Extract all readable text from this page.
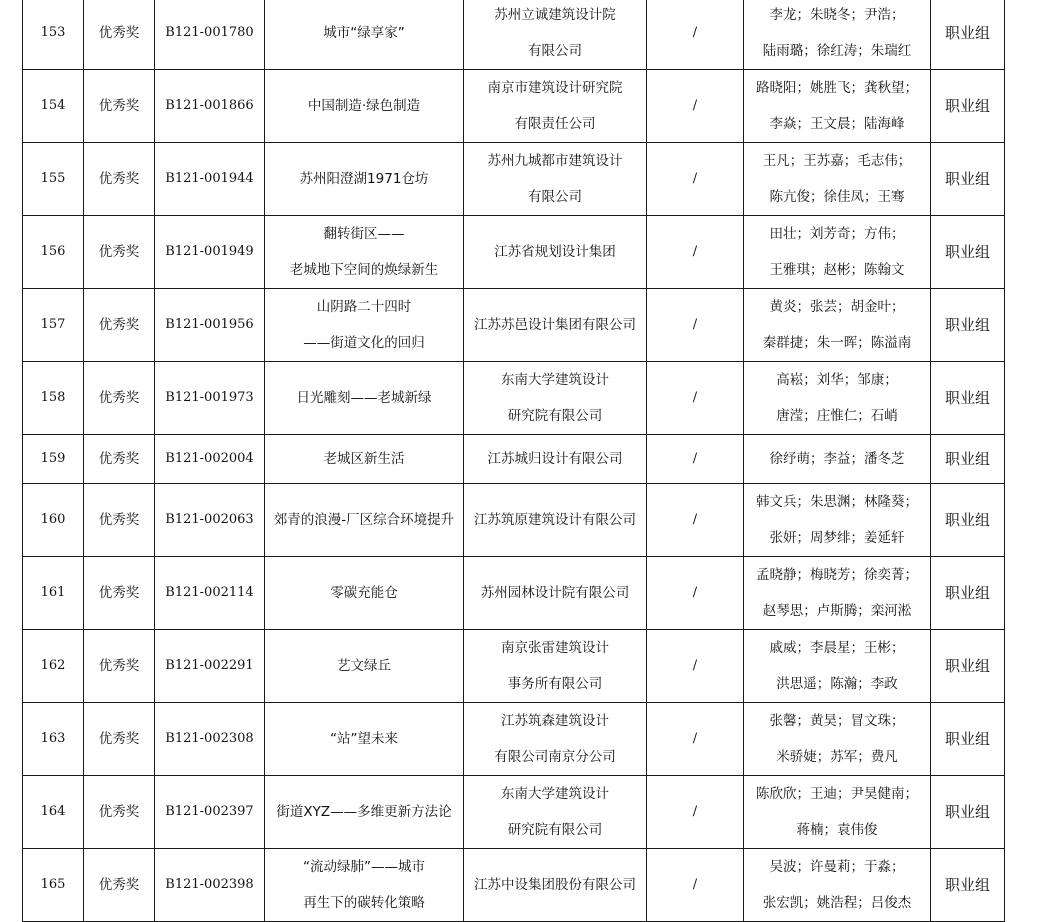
153	优秀奖	B121-001780	城市“绿享家”	苏州立诚建筑设计院
有限公司	/	李龙；朱晓冬；尹浩；
陆雨璐；徐红涛；朱瑞红	职业组
154	优秀奖	B121-001866	中国制造·绿色制造	南京市建筑设计研究院
有限责任公司	/	路晓阳；姚胜飞；龚秋望；
李焱；王文晨；陆海峰	职业组
155	优秀奖	B121-001944	苏州阳澄湖1971仓坊	苏州九城都市建筑设计
有限公司	/	王凡；王苏嘉；毛志伟；
陈亢俊；徐佳凤；王骞	职业组
156	优秀奖	B121-001949	翻转街区——
老城地下空间的焕绿新生	江苏省规划设计集团	/	田壮；刘芳奇；方伟；
王雅琪；赵彬；陈翰文	职业组
157	优秀奖	B121-001956	山阴路二十四时
——街道文化的回归	江苏苏邑设计集团有限公司	/	黄炎；张芸；胡金叶；
秦群捷；朱一晖；陈溢南	职业组
158	优秀奖	B121-001973	日光雕刻——老城新绿	东南大学建筑设计
研究院有限公司	/	高崧；刘华；邹康；
唐滢；庄惟仁；石峭	职业组
159	优秀奖	B121-002004	老城区新生活	江苏城归设计有限公司	/	徐纾萌；李益；潘冬芝	职业组
160	优秀奖	B121-002063	郊青的浪漫-厂区综合环境提升	江苏筑原建筑设计有限公司	/	韩文兵；朱思渊；林隆葵；
张妍；周梦绯；姜延轩	职业组
161	优秀奖	B121-002114	零碳充能仓	苏州园林设计院有限公司	/	孟晓静；梅晓芳；徐奕菁；
赵琴思；卢斯腾；栾河淞	职业组
162	优秀奖	B121-002291	艺文绿丘	南京张雷建筑设计
事务所有限公司	/	戚威；李晨星；王彬；
洪思遥；陈瀚；李政	职业组
163	优秀奖	B121-002308	“站”望未来	江苏筑森建筑设计
有限公司南京分公司	/	张馨；黄昊；冒文珠；
米骄婕；苏军；费凡	职业组
164	优秀奖	B121-002397	街道XYZ——多维更新方法论	东南大学建筑设计
研究院有限公司	/	陈欣欣；王迪；尹昊健南；
蒋楠；袁伟俊	职业组
165	优秀奖	B121-002398	“流动绿肺”——城市
再生下的碳转化策略	江苏中设集团股份有限公司	/	吴波；许曼莉；于淼；
张宏凯；姚浩程；吕俊杰	职业组
